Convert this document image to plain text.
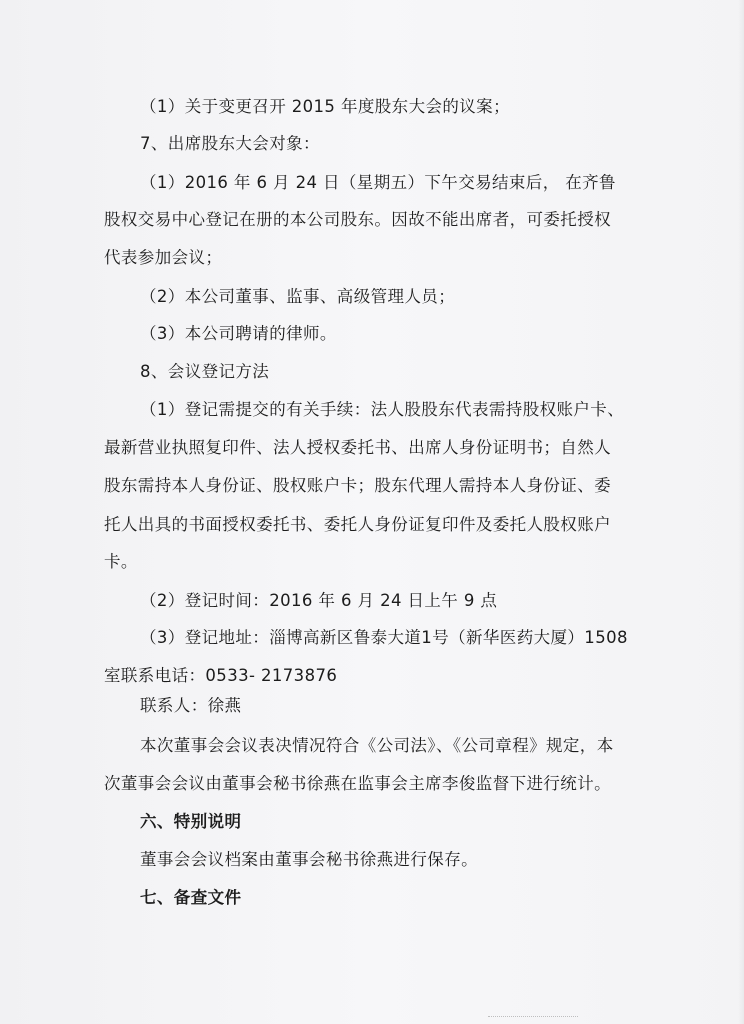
（1）关于变更召开 2015 年度股东大会的议案；
7、出席股东大会对象：
（1）2016 年 6 月 24 日（星期五）下午交易结束后， 在齐鲁
股权交易中心登记在册的本公司股东。因故不能出席者，可委托授权
代表参加会议；
（2）本公司董事、监事、高级管理人员；
（3）本公司聘请的律师。
8、会议登记方法
（1）登记需提交的有关手续：法人股股东代表需持股权账户卡、
最新营业执照复印件、法人授权委托书、出席人身份证明书；自然人
股东需持本人身份证、股权账户卡；股东代理人需持本人身份证、委
托人出具的书面授权委托书、委托人身份证复印件及委托人股权账户
卡。
（2）登记时间：2016 年 6 月 24 日上午 9 点
（3）登记地址：淄博高新区鲁泰大道1号（新华医药大厦）1508
室联系电话：0533- 2173876
联系人：徐燕
本次董事会会议表决情况符合《公司法》、《公司章程》规定，本
次董事会会议由董事会秘书徐燕在监事会主席李俊监督下进行统计。
六、特别说明
董事会会议档案由董事会秘书徐燕进行保存。
七、备查文件
